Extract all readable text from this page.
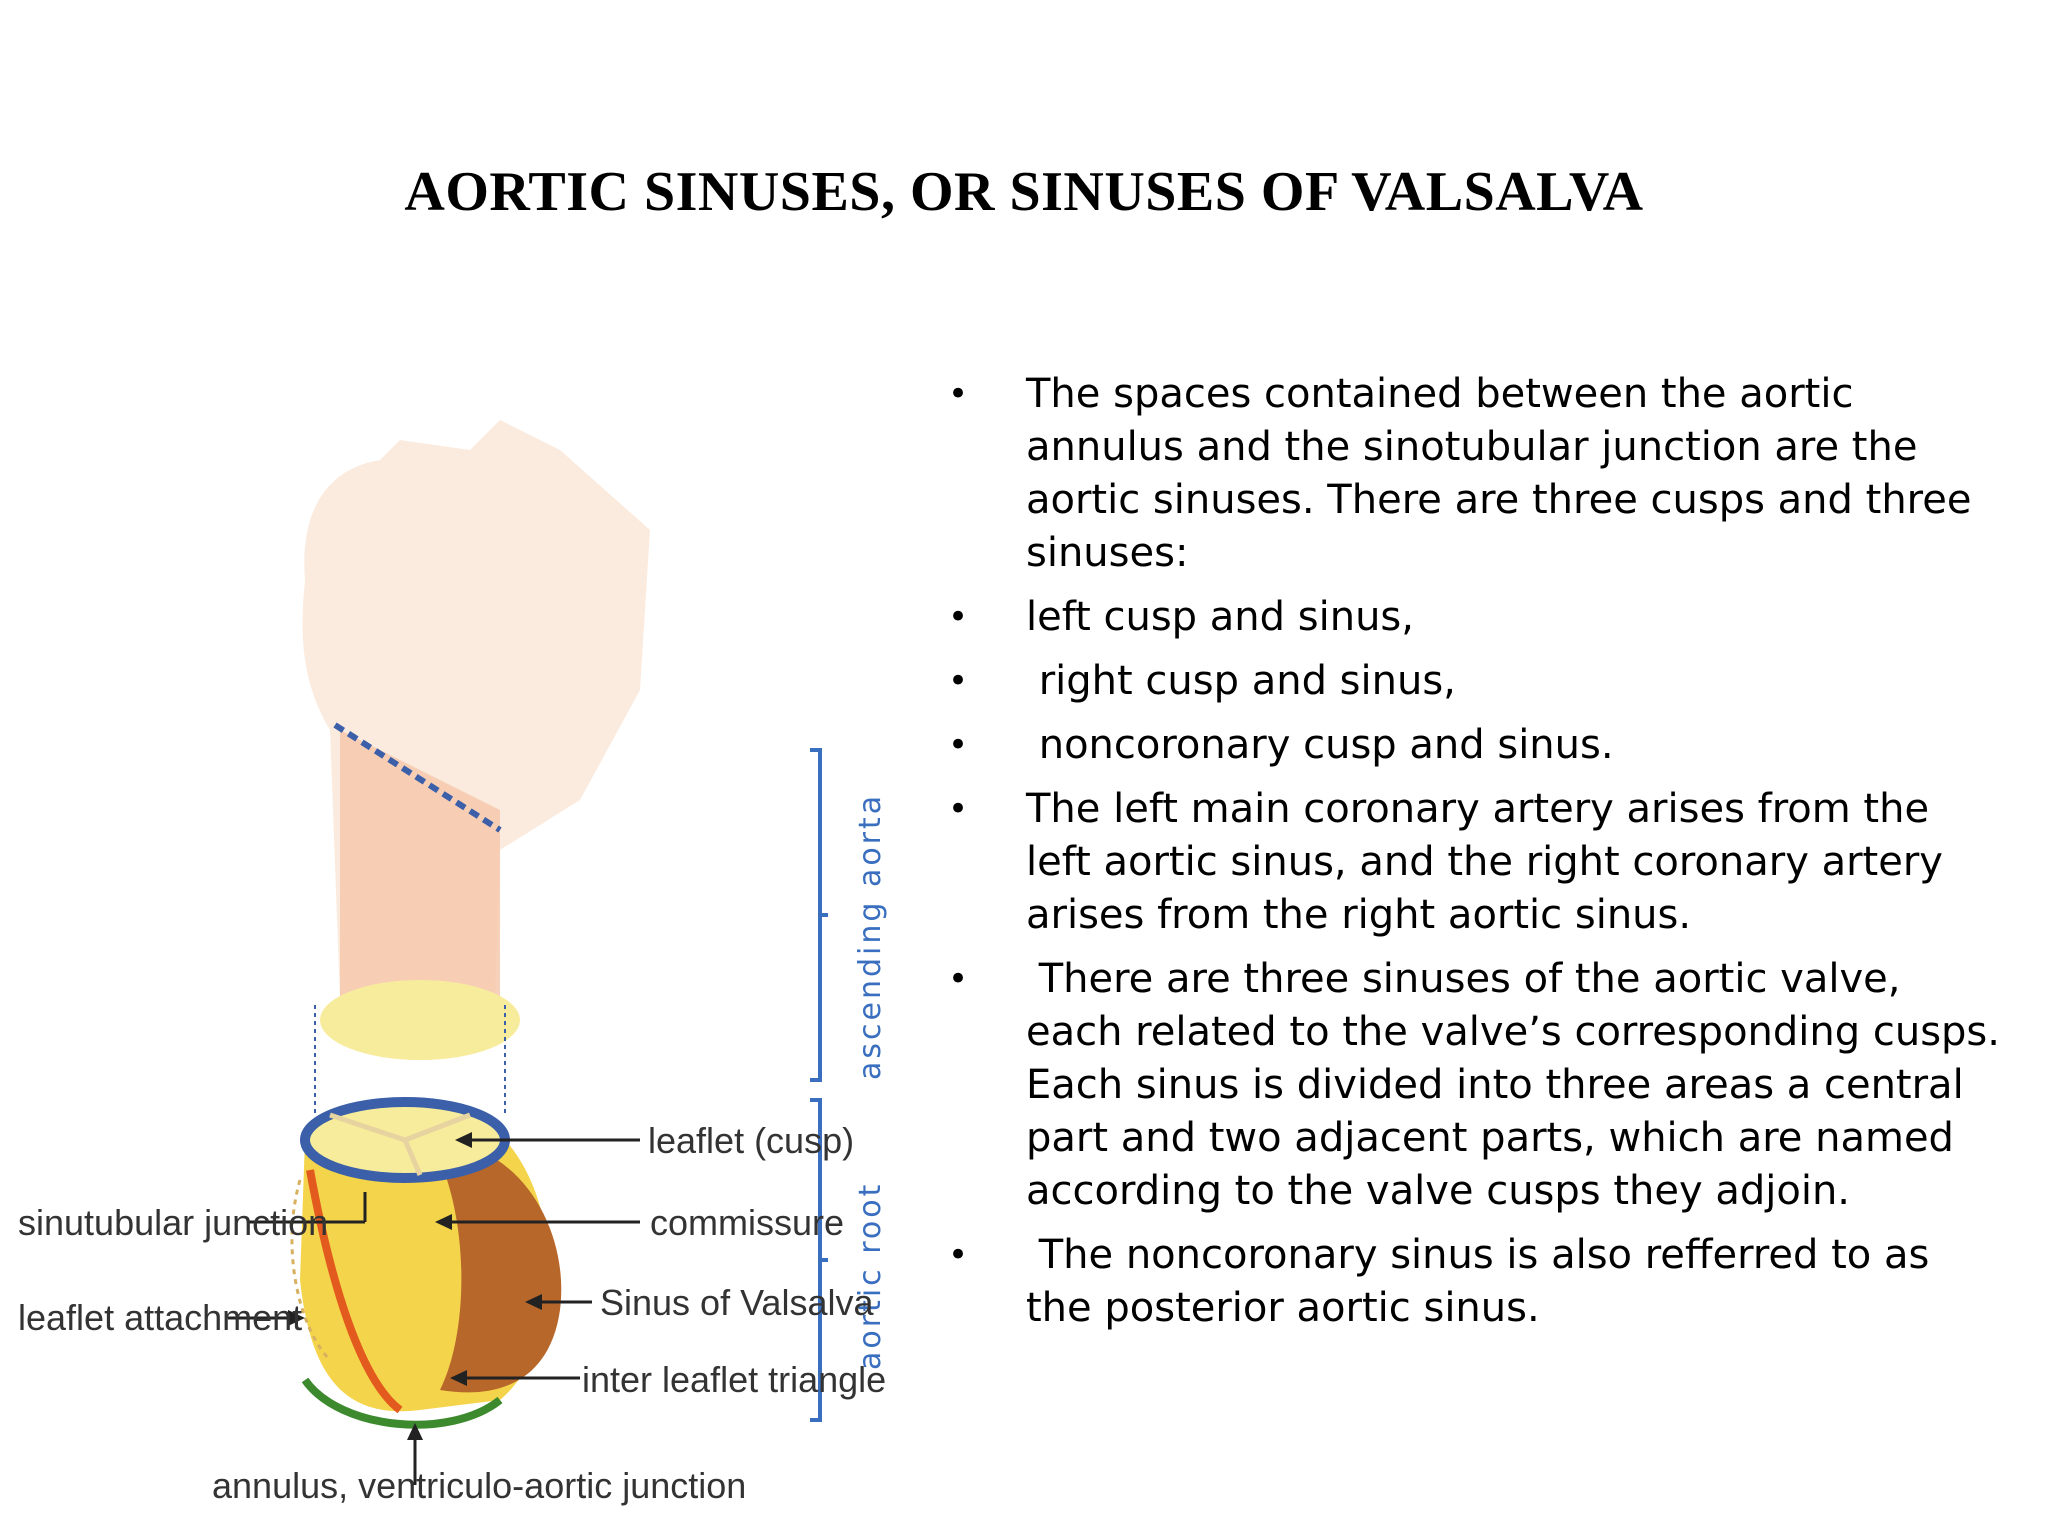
AORTIC SINUSES, OR SINUSES OF VALSALVA
ascending aorta
aortic root
leaflet (cusp)
commissure
Sinus of Valsalva
inter leaflet triangle
sinutubular junction
leaflet attachment
annulus, ventriculo-aortic junction
• The spaces contained between the aortic annulus and the sinotubular junction are the aortic sinuses. There are three cusps and three sinuses:
• left cusp and sinus,
• right cusp and sinus,
• noncoronary cusp and sinus.
• The left main coronary artery arises from the left aortic sinus, and the right coronary artery arises from the right aortic sinus.
• There are three sinuses of the aortic valve, each related to the valve’s corresponding cusps. Each sinus is divided into three areas a central part and two adjacent parts, which are named according to the valve cusps they adjoin.
• The noncoronary sinus is also refferred to as the posterior aortic sinus.
